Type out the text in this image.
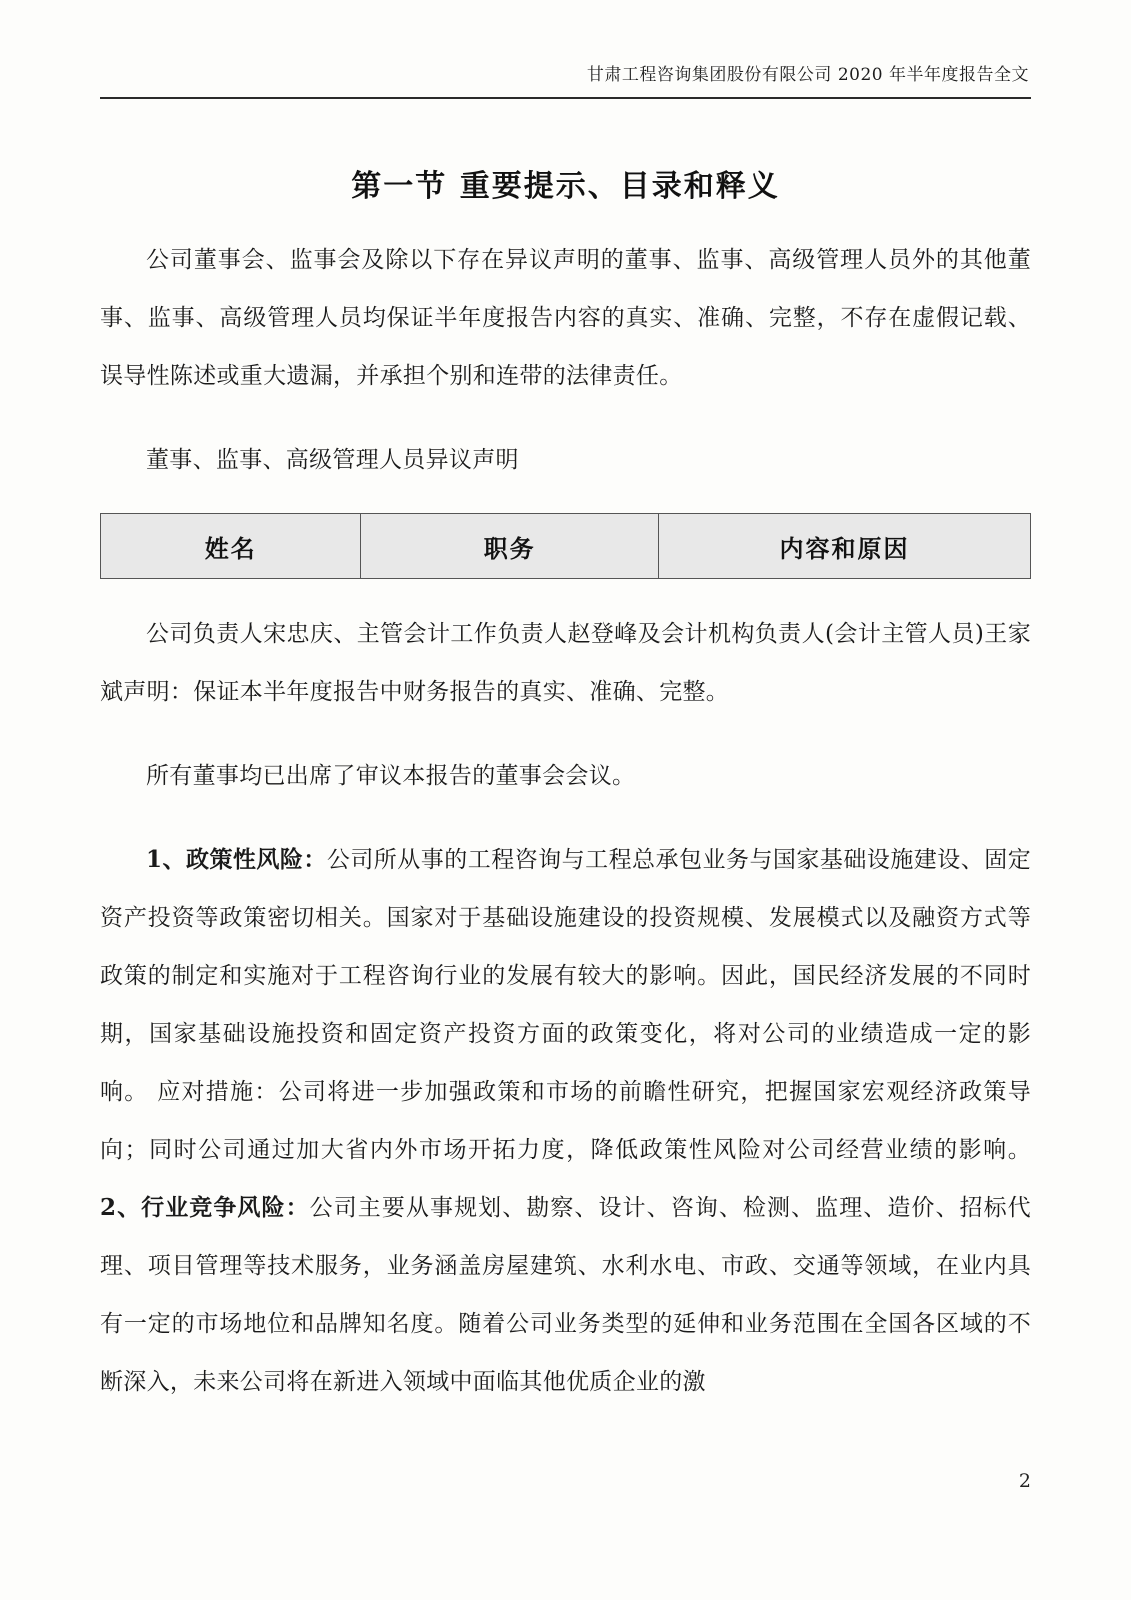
甘肃工程咨询集团股份有限公司 2020 年半年度报告全文
第一节 重要提示、目录和释义
公司董事会、监事会及除以下存在异议声明的董事、监事、高级管理人员外的其他董事、监事、高级管理人员均保证半年度报告内容的真实、准确、完整，不存在虚假记载、误导性陈述或重大遗漏，并承担个别和连带的法律责任。
董事、监事、高级管理人员异议声明
姓名	职务	内容和原因
公司负责人宋忠庆、主管会计工作负责人赵登峰及会计机构负责人(会计主管人员)王家斌声明：保证本半年度报告中财务报告的真实、准确、完整。
所有董事均已出席了审议本报告的董事会会议。
1、政策性风险：公司所从事的工程咨询与工程总承包业务与国家基础设施建设、固定资产投资等政策密切相关。国家对于基础设施建设的投资规模、发展模式以及融资方式等政策的制定和实施对于工程咨询行业的发展有较大的影响。因此，国民经济发展的不同时期，国家基础设施投资和固定资产投资方面的政策变化，将对公司的业绩造成一定的影响。 应对措施：公司将进一步加强政策和市场的前瞻性研究，把握国家宏观经济政策导向；同时公司通过加大省内外市场开拓力度，降低政策性风险对公司经营业绩的影响。 2、行业竞争风险：公司主要从事规划、勘察、设计、咨询、检测、监理、造价、招标代理、项目管理等技术服务，业务涵盖房屋建筑、水利水电、市政、交通等领域，在业内具有一定的市场地位和品牌知名度。随着公司业务类型的延伸和业务范围在全国各区域的不断深入，未来公司将在新进入领域中面临其他优质企业的激
2
